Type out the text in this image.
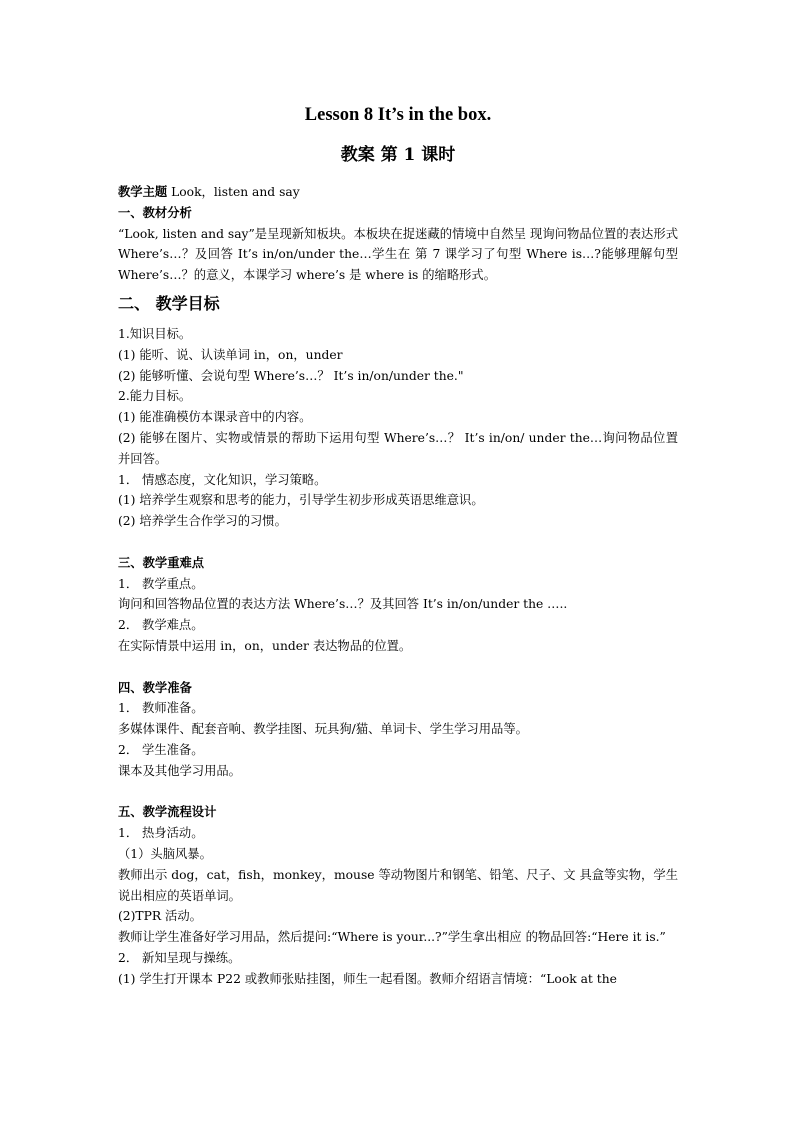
Lesson 8 It’s in the box.
教案 第 1 课时
教学主题 Look，listen and say
一、教材分析
“Look, listen and say”是呈现新知板块。本板块在捉迷藏的情境中自然呈 现询问物品位置的表达形式 Where’s…？及回答 It’s in/on/under the…学生在 第 7 课学习了句型 Where is…?能够理解句型 Where’s…？的意义，本课学习 where’s 是 where is 的缩略形式。
二、 教学目标
1.知识目标。
(1) 能听、说、认读单词 in，on，under
(2) 能够听懂、会说句型 Where’s…？ It’s in/on/under the."
2.能力目标。
(1) 能准确模仿本课录音中的内容。
(2) 能够在图片、实物或情景的帮助下运用句型 Where’s…？ It’s in/on/ under the…询问物品位置并回答。
1． 情感态度，文化知识，学习策略。
(1) 培养学生观察和思考的能力，引导学生初步形成英语思维意识。
(2) 培养学生合作学习的习惯。
三、教学重难点
1． 教学重点。
询问和回答物品位置的表达方法 Where’s…？及其回答 It’s in/on/under the …..
2． 教学难点。
在实际情景中运用 in，on，under 表达物品的位置。
四、教学准备
1． 教师准备。
多媒体课件、配套音响、教学挂图、玩具狗/猫、单词卡、学生学习用品等。
2． 学生准备。
课本及其他学习用品。
五、教学流程设计
1． 热身活动。
（1）头脑风暴。
教师出示 dog，cat，fish，monkey，mouse 等动物图片和钢笔、铅笔、尺子、文 具盒等实物，学生说出相应的英语单词。
(2)TPR 活动。
教师让学生准备好学习用品，然后提问:“Where is your...?”学生拿出相应 的物品回答:“Here it is.”
2． 新知呈现与操练。
(1) 学生打开课本 P22 或教师张贴挂图，师生一起看图。教师介绍语言情境：“Look at the
